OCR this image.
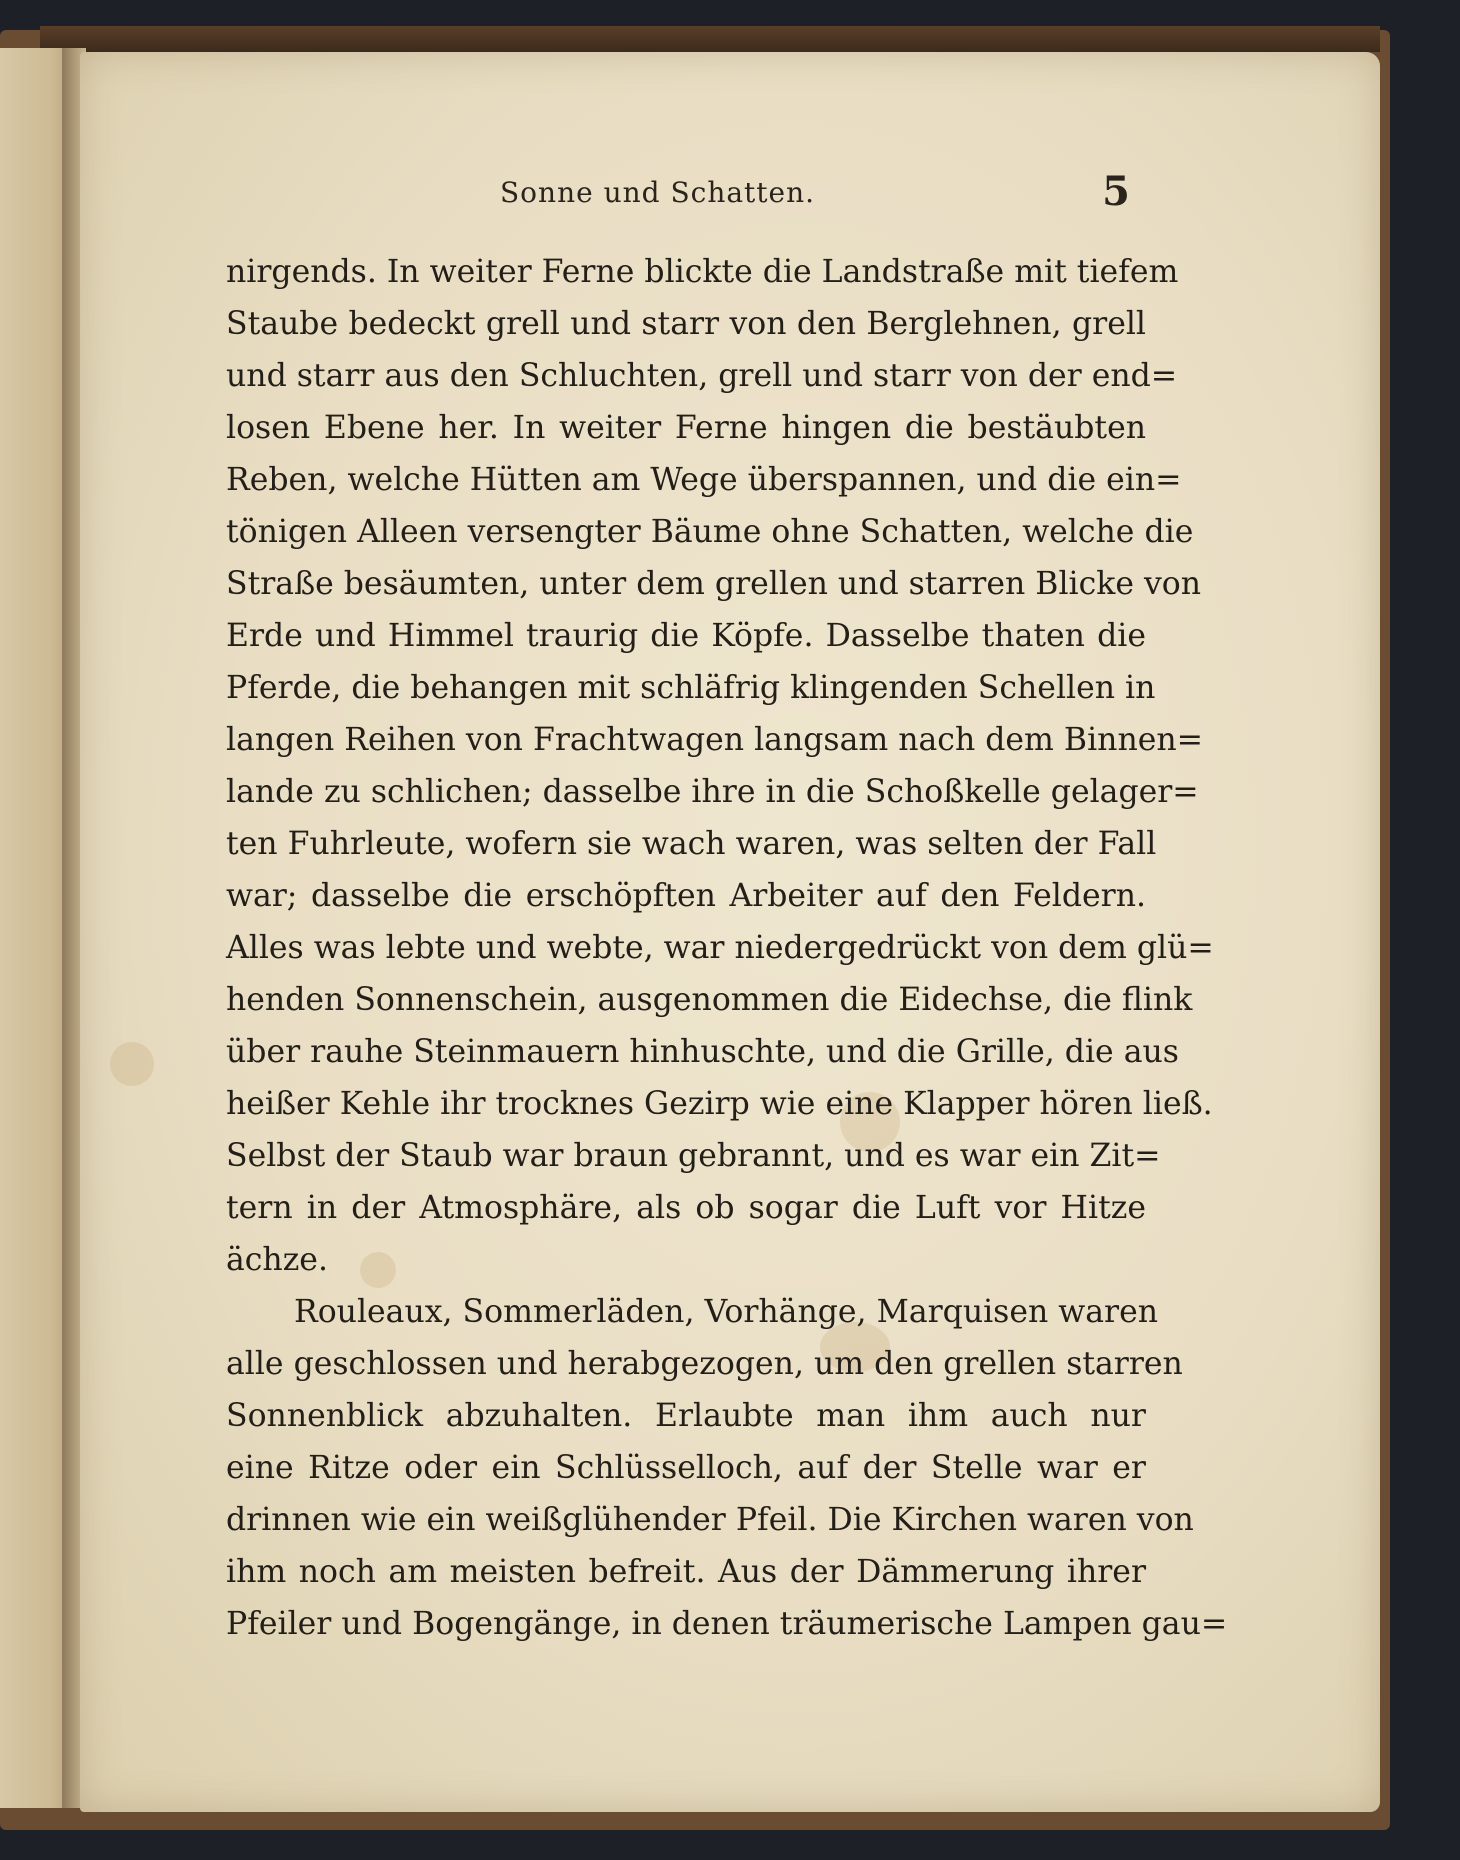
Sonne und Schatten.	5
nirgends. In weiter Ferne blickte die Landstraße mit tiefem
Staube bedeckt grell und starr von den Berglehnen, grell
und starr aus den Schluchten, grell und starr von der end=
losen Ebene her. In weiter Ferne hingen die bestäubten
Reben, welche Hütten am Wege überspannen, und die ein=
tönigen Alleen versengter Bäume ohne Schatten, welche die
Straße besäumten, unter dem grellen und starren Blicke von
Erde und Himmel traurig die Köpfe. Dasselbe thaten die
Pferde, die behangen mit schläfrig klingenden Schellen in
langen Reihen von Frachtwagen langsam nach dem Binnen=
lande zu schlichen; dasselbe ihre in die Schoßkelle gelager=
ten Fuhrleute, wofern sie wach waren, was selten der Fall
war; dasselbe die erschöpften Arbeiter auf den Feldern.
Alles was lebte und webte, war niedergedrückt von dem glü=
henden Sonnenschein, ausgenommen die Eidechse, die flink
über rauhe Steinmauern hinhuschte, und die Grille, die aus
heißer Kehle ihr trocknes Gezirp wie eine Klapper hören ließ.
Selbst der Staub war braun gebrannt, und es war ein Zit=
tern in der Atmosphäre, als ob sogar die Luft vor Hitze
ächze.
Rouleaux, Sommerläden, Vorhänge, Marquisen waren
alle geschlossen und herabgezogen, um den grellen starren
Sonnenblick abzuhalten. Erlaubte man ihm auch nur
eine Ritze oder ein Schlüsselloch, auf der Stelle war er
drinnen wie ein weißglühender Pfeil. Die Kirchen waren von
ihm noch am meisten befreit. Aus der Dämmerung ihrer
Pfeiler und Bogengänge, in denen träumerische Lampen gau=
